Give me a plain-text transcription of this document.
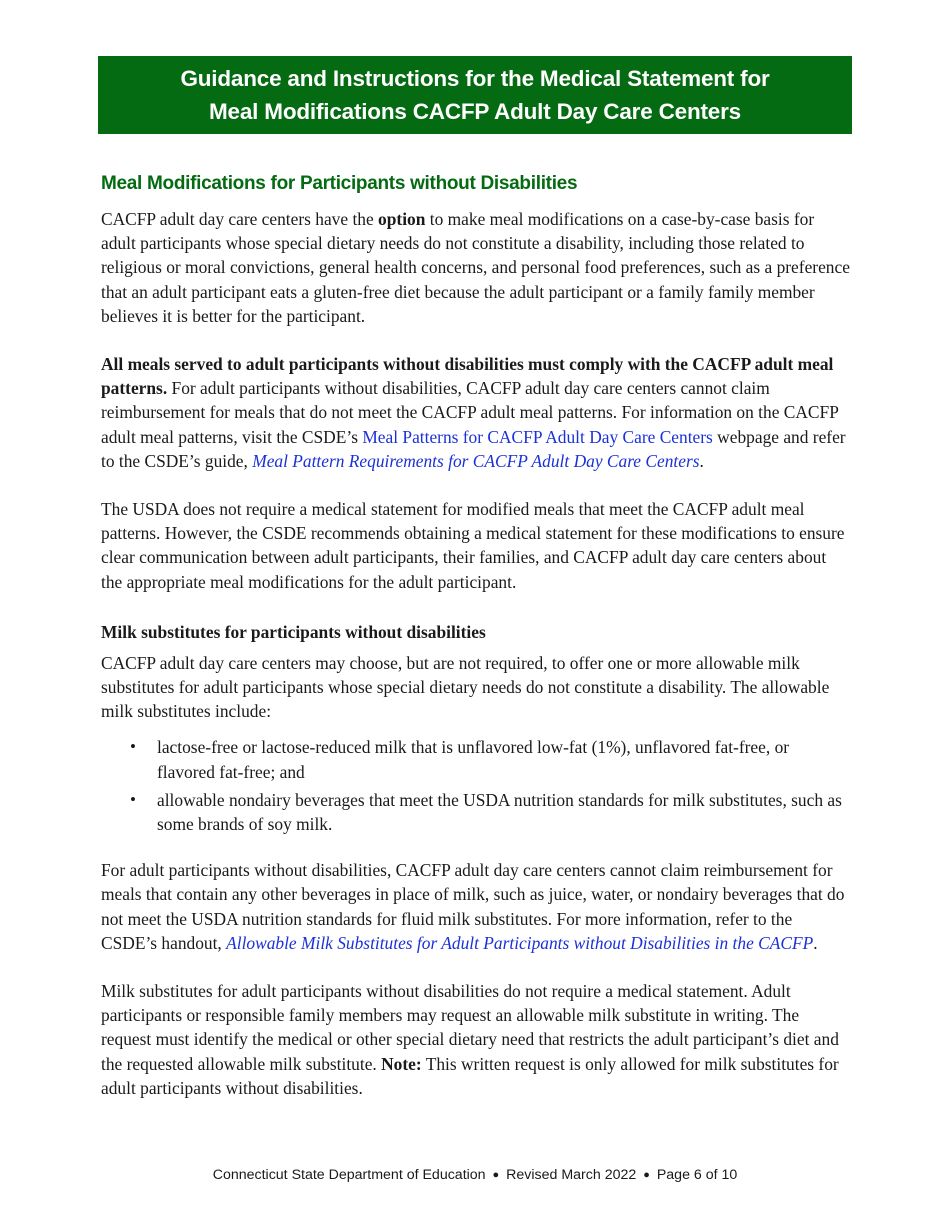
Guidance and Instructions for the Medical Statement for
Meal Modifications CACFP Adult Day Care Centers
Meal Modifications for Participants without Disabilities

CACFP adult day care centers have the option to make meal modifications on a case-by-case basis for adult participants whose special dietary needs do not constitute a disability, including those related to religious or moral convictions, general health concerns, and personal food preferences, such as a preference that an adult participant eats a gluten-free diet because the adult participant or a family family member believes it is better for the participant.

All meals served to adult participants without disabilities must comply with the CACFP adult meal patterns. For adult participants without disabilities, CACFP adult day care centers cannot claim reimbursement for meals that do not meet the CACFP adult meal patterns. For information on the CACFP adult meal patterns, visit the CSDE’s Meal Patterns for CACFP Adult Day Care Centers webpage and refer to the CSDE’s guide, Meal Pattern Requirements for CACFP Adult Day Care Centers.

The USDA does not require a medical statement for modified meals that meet the CACFP adult meal patterns. However, the CSDE recommends obtaining a medical statement for these modifications to ensure clear communication between adult participants, their families, and CACFP adult day care centers about the appropriate meal modifications for the adult participant.

Milk substitutes for participants without disabilities

CACFP adult day care centers may choose, but are not required, to offer one or more allowable milk substitutes for adult participants whose special dietary needs do not constitute a disability. The allowable milk substitutes include:

• lactose-free or lactose-reduced milk that is unflavored low-fat (1%), unflavored fat-free, or flavored fat-free; and
• allowable nondairy beverages that meet the USDA nutrition standards for milk substitutes, such as some brands of soy milk.

For adult participants without disabilities, CACFP adult day care centers cannot claim reimbursement for meals that contain any other beverages in place of milk, such as juice, water, or nondairy beverages that do not meet the USDA nutrition standards for fluid milk substitutes. For more information, refer to the CSDE’s handout, Allowable Milk Substitutes for Adult Participants without Disabilities in the CACFP.

Milk substitutes for adult participants without disabilities do not require a medical statement. Adult participants or responsible family members may request an allowable milk substitute in writing. The request must identify the medical or other special dietary need that restricts the adult participant’s diet and the requested allowable milk substitute. Note: This written request is only allowed for milk substitutes for adult participants without disabilities.

Connecticut State Department of Education ● Revised March 2022 ● Page 6 of 10
